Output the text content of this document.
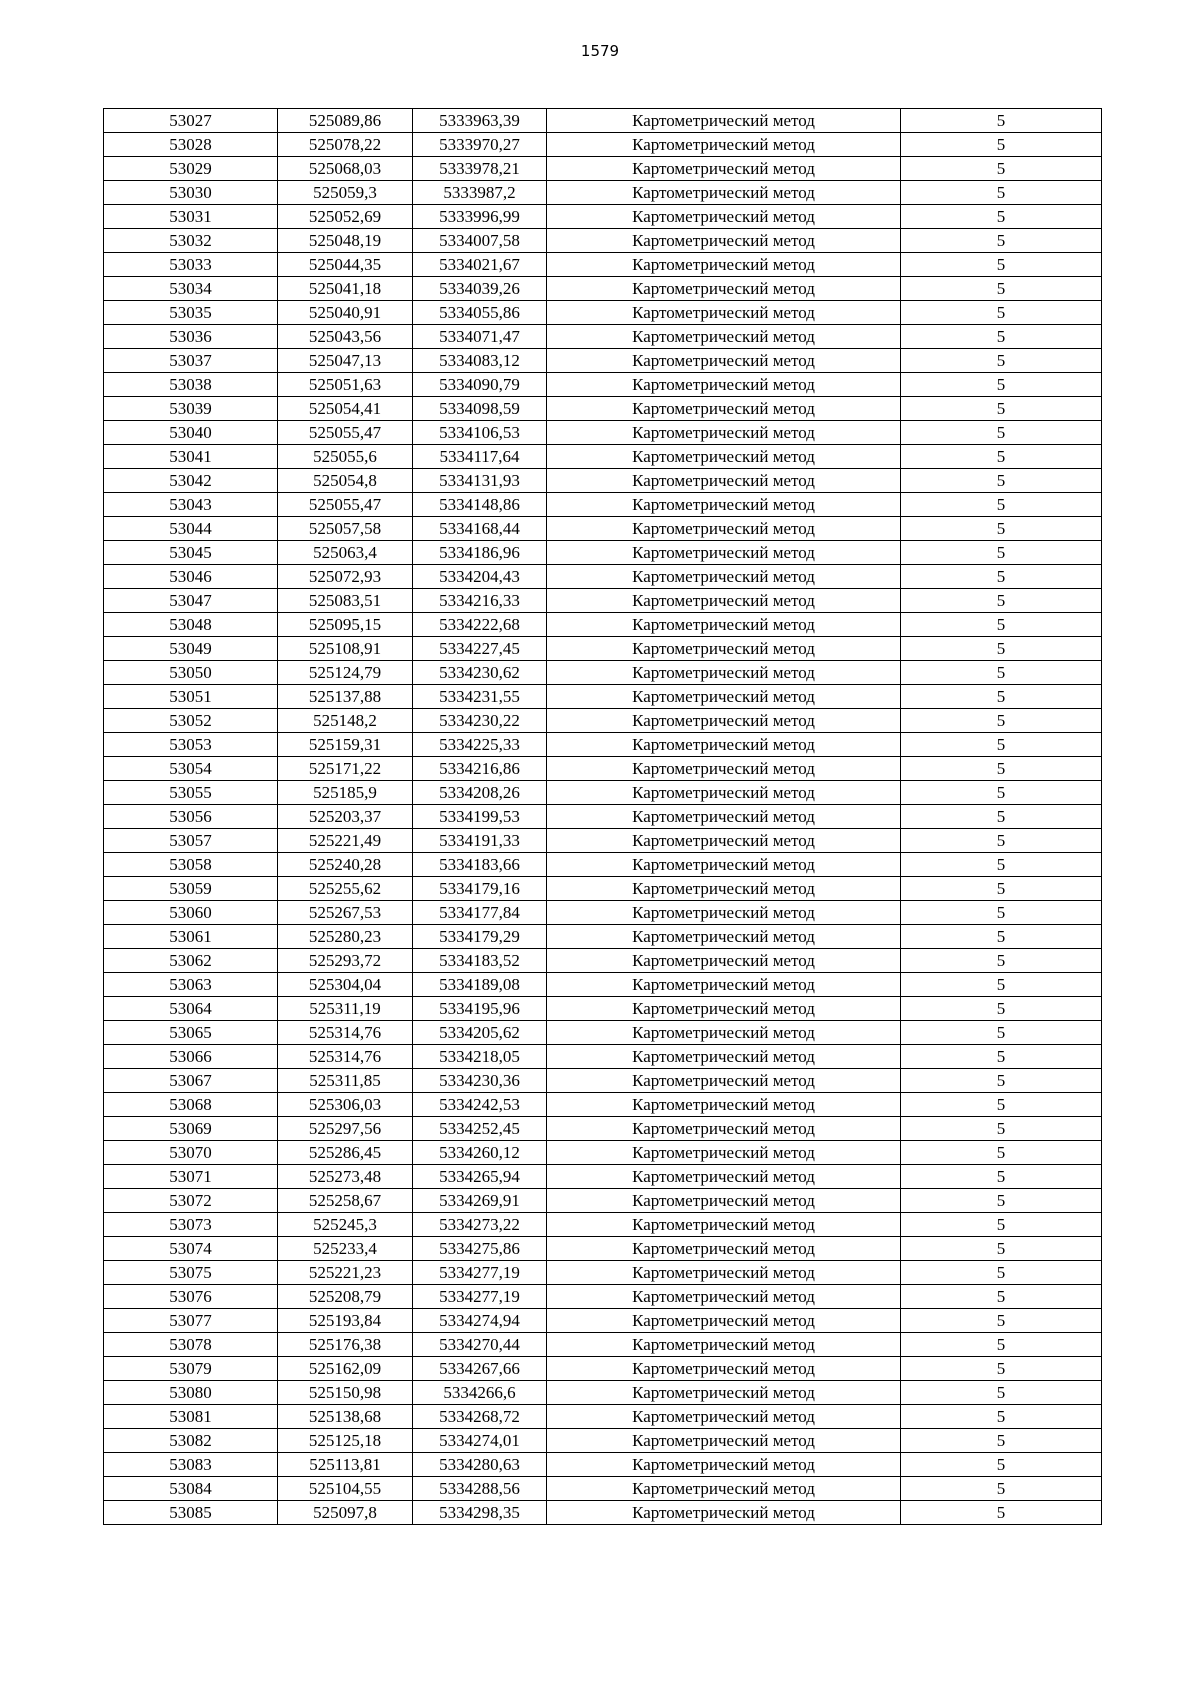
1579
53027	525089,86	5333963,39	Картометрический метод	5
53028	525078,22	5333970,27	Картометрический метод	5
53029	525068,03	5333978,21	Картометрический метод	5
53030	525059,3	5333987,2	Картометрический метод	5
53031	525052,69	5333996,99	Картометрический метод	5
53032	525048,19	5334007,58	Картометрический метод	5
53033	525044,35	5334021,67	Картометрический метод	5
53034	525041,18	5334039,26	Картометрический метод	5
53035	525040,91	5334055,86	Картометрический метод	5
53036	525043,56	5334071,47	Картометрический метод	5
53037	525047,13	5334083,12	Картометрический метод	5
53038	525051,63	5334090,79	Картометрический метод	5
53039	525054,41	5334098,59	Картометрический метод	5
53040	525055,47	5334106,53	Картометрический метод	5
53041	525055,6	5334117,64	Картометрический метод	5
53042	525054,8	5334131,93	Картометрический метод	5
53043	525055,47	5334148,86	Картометрический метод	5
53044	525057,58	5334168,44	Картометрический метод	5
53045	525063,4	5334186,96	Картометрический метод	5
53046	525072,93	5334204,43	Картометрический метод	5
53047	525083,51	5334216,33	Картометрический метод	5
53048	525095,15	5334222,68	Картометрический метод	5
53049	525108,91	5334227,45	Картометрический метод	5
53050	525124,79	5334230,62	Картометрический метод	5
53051	525137,88	5334231,55	Картометрический метод	5
53052	525148,2	5334230,22	Картометрический метод	5
53053	525159,31	5334225,33	Картометрический метод	5
53054	525171,22	5334216,86	Картометрический метод	5
53055	525185,9	5334208,26	Картометрический метод	5
53056	525203,37	5334199,53	Картометрический метод	5
53057	525221,49	5334191,33	Картометрический метод	5
53058	525240,28	5334183,66	Картометрический метод	5
53059	525255,62	5334179,16	Картометрический метод	5
53060	525267,53	5334177,84	Картометрический метод	5
53061	525280,23	5334179,29	Картометрический метод	5
53062	525293,72	5334183,52	Картометрический метод	5
53063	525304,04	5334189,08	Картометрический метод	5
53064	525311,19	5334195,96	Картометрический метод	5
53065	525314,76	5334205,62	Картометрический метод	5
53066	525314,76	5334218,05	Картометрический метод	5
53067	525311,85	5334230,36	Картометрический метод	5
53068	525306,03	5334242,53	Картометрический метод	5
53069	525297,56	5334252,45	Картометрический метод	5
53070	525286,45	5334260,12	Картометрический метод	5
53071	525273,48	5334265,94	Картометрический метод	5
53072	525258,67	5334269,91	Картометрический метод	5
53073	525245,3	5334273,22	Картометрический метод	5
53074	525233,4	5334275,86	Картометрический метод	5
53075	525221,23	5334277,19	Картометрический метод	5
53076	525208,79	5334277,19	Картометрический метод	5
53077	525193,84	5334274,94	Картометрический метод	5
53078	525176,38	5334270,44	Картометрический метод	5
53079	525162,09	5334267,66	Картометрический метод	5
53080	525150,98	5334266,6	Картометрический метод	5
53081	525138,68	5334268,72	Картометрический метод	5
53082	525125,18	5334274,01	Картометрический метод	5
53083	525113,81	5334280,63	Картометрический метод	5
53084	525104,55	5334288,56	Картометрический метод	5
53085	525097,8	5334298,35	Картометрический метод	5
